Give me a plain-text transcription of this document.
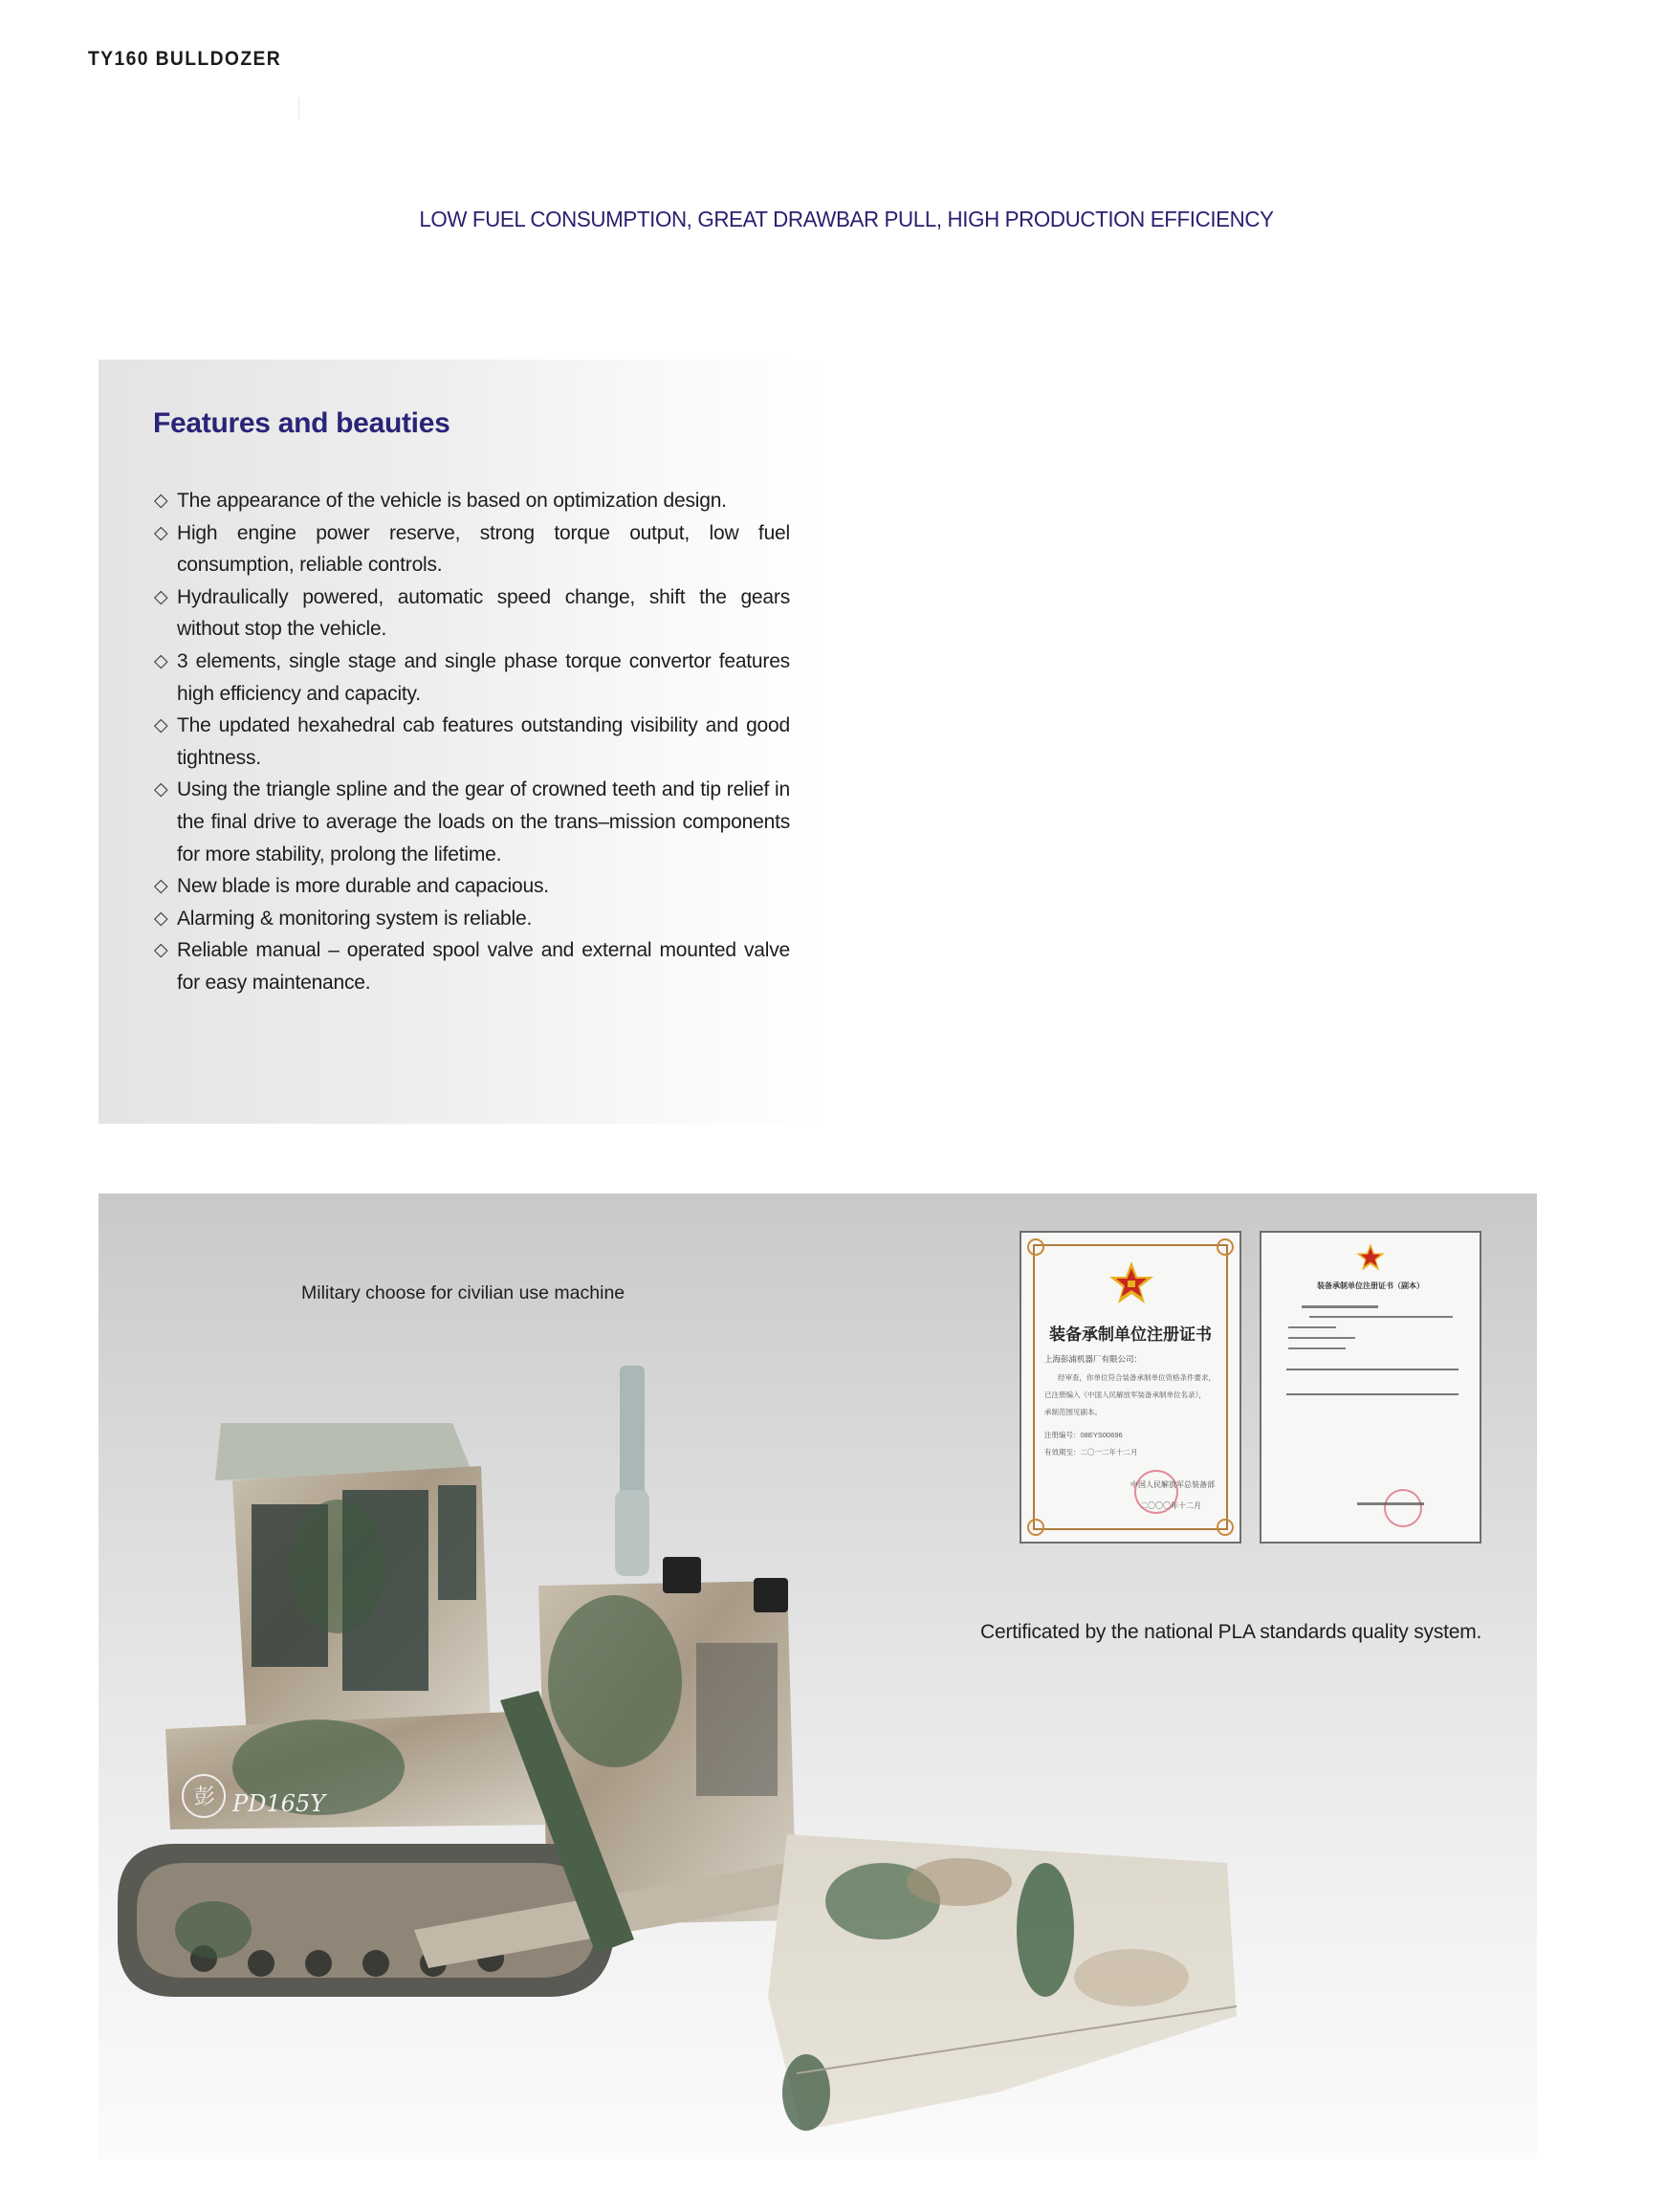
TY160 BULLDOZER
LOW FUEL CONSUMPTION, GREAT DRAWBAR PULL, HIGH PRODUCTION EFFICIENCY
Features and beauties
◇ The appearance of the vehicle is based on optimization design.
◇ High engine power reserve, strong torque output, low fuel consumption, reliable controls.
◇ Hydraulically powered, automatic speed change, shift the gears without stop the vehicle.
◇ 3 elements, single stage and single phase torque convertor features high efficiency and capacity.
◇ The updated hexahedral cab features outstanding visibility and good tightness.
◇ Using the triangle spline and the gear of crowned teeth and tip relief in the final drive to average the loads on the trans–mission components for more stability, prolong the lifetime.
◇ New blade is more durable and capacious.
◇ Alarming & monitoring system is reliable.
◇ Reliable manual – operated spool valve and external mounted valve for easy maintenance.
Military choose for civilian use machine
装备承制单位注册证书
上海彭浦机器厂有限公司：
经审查，你单位符合装备承制单位资格条件要求，
已注册编入《中国人民解放军装备承制单位名录》，
承制范围见副本。
注册编号：08EYS00696
有效期至：二〇一二年十二月
中国人民解放军总装备部
二〇〇〇年十二月
装备承制单位注册证书（副本）
Certificated by the national PLA standards quality system.
彭 PD165Y
